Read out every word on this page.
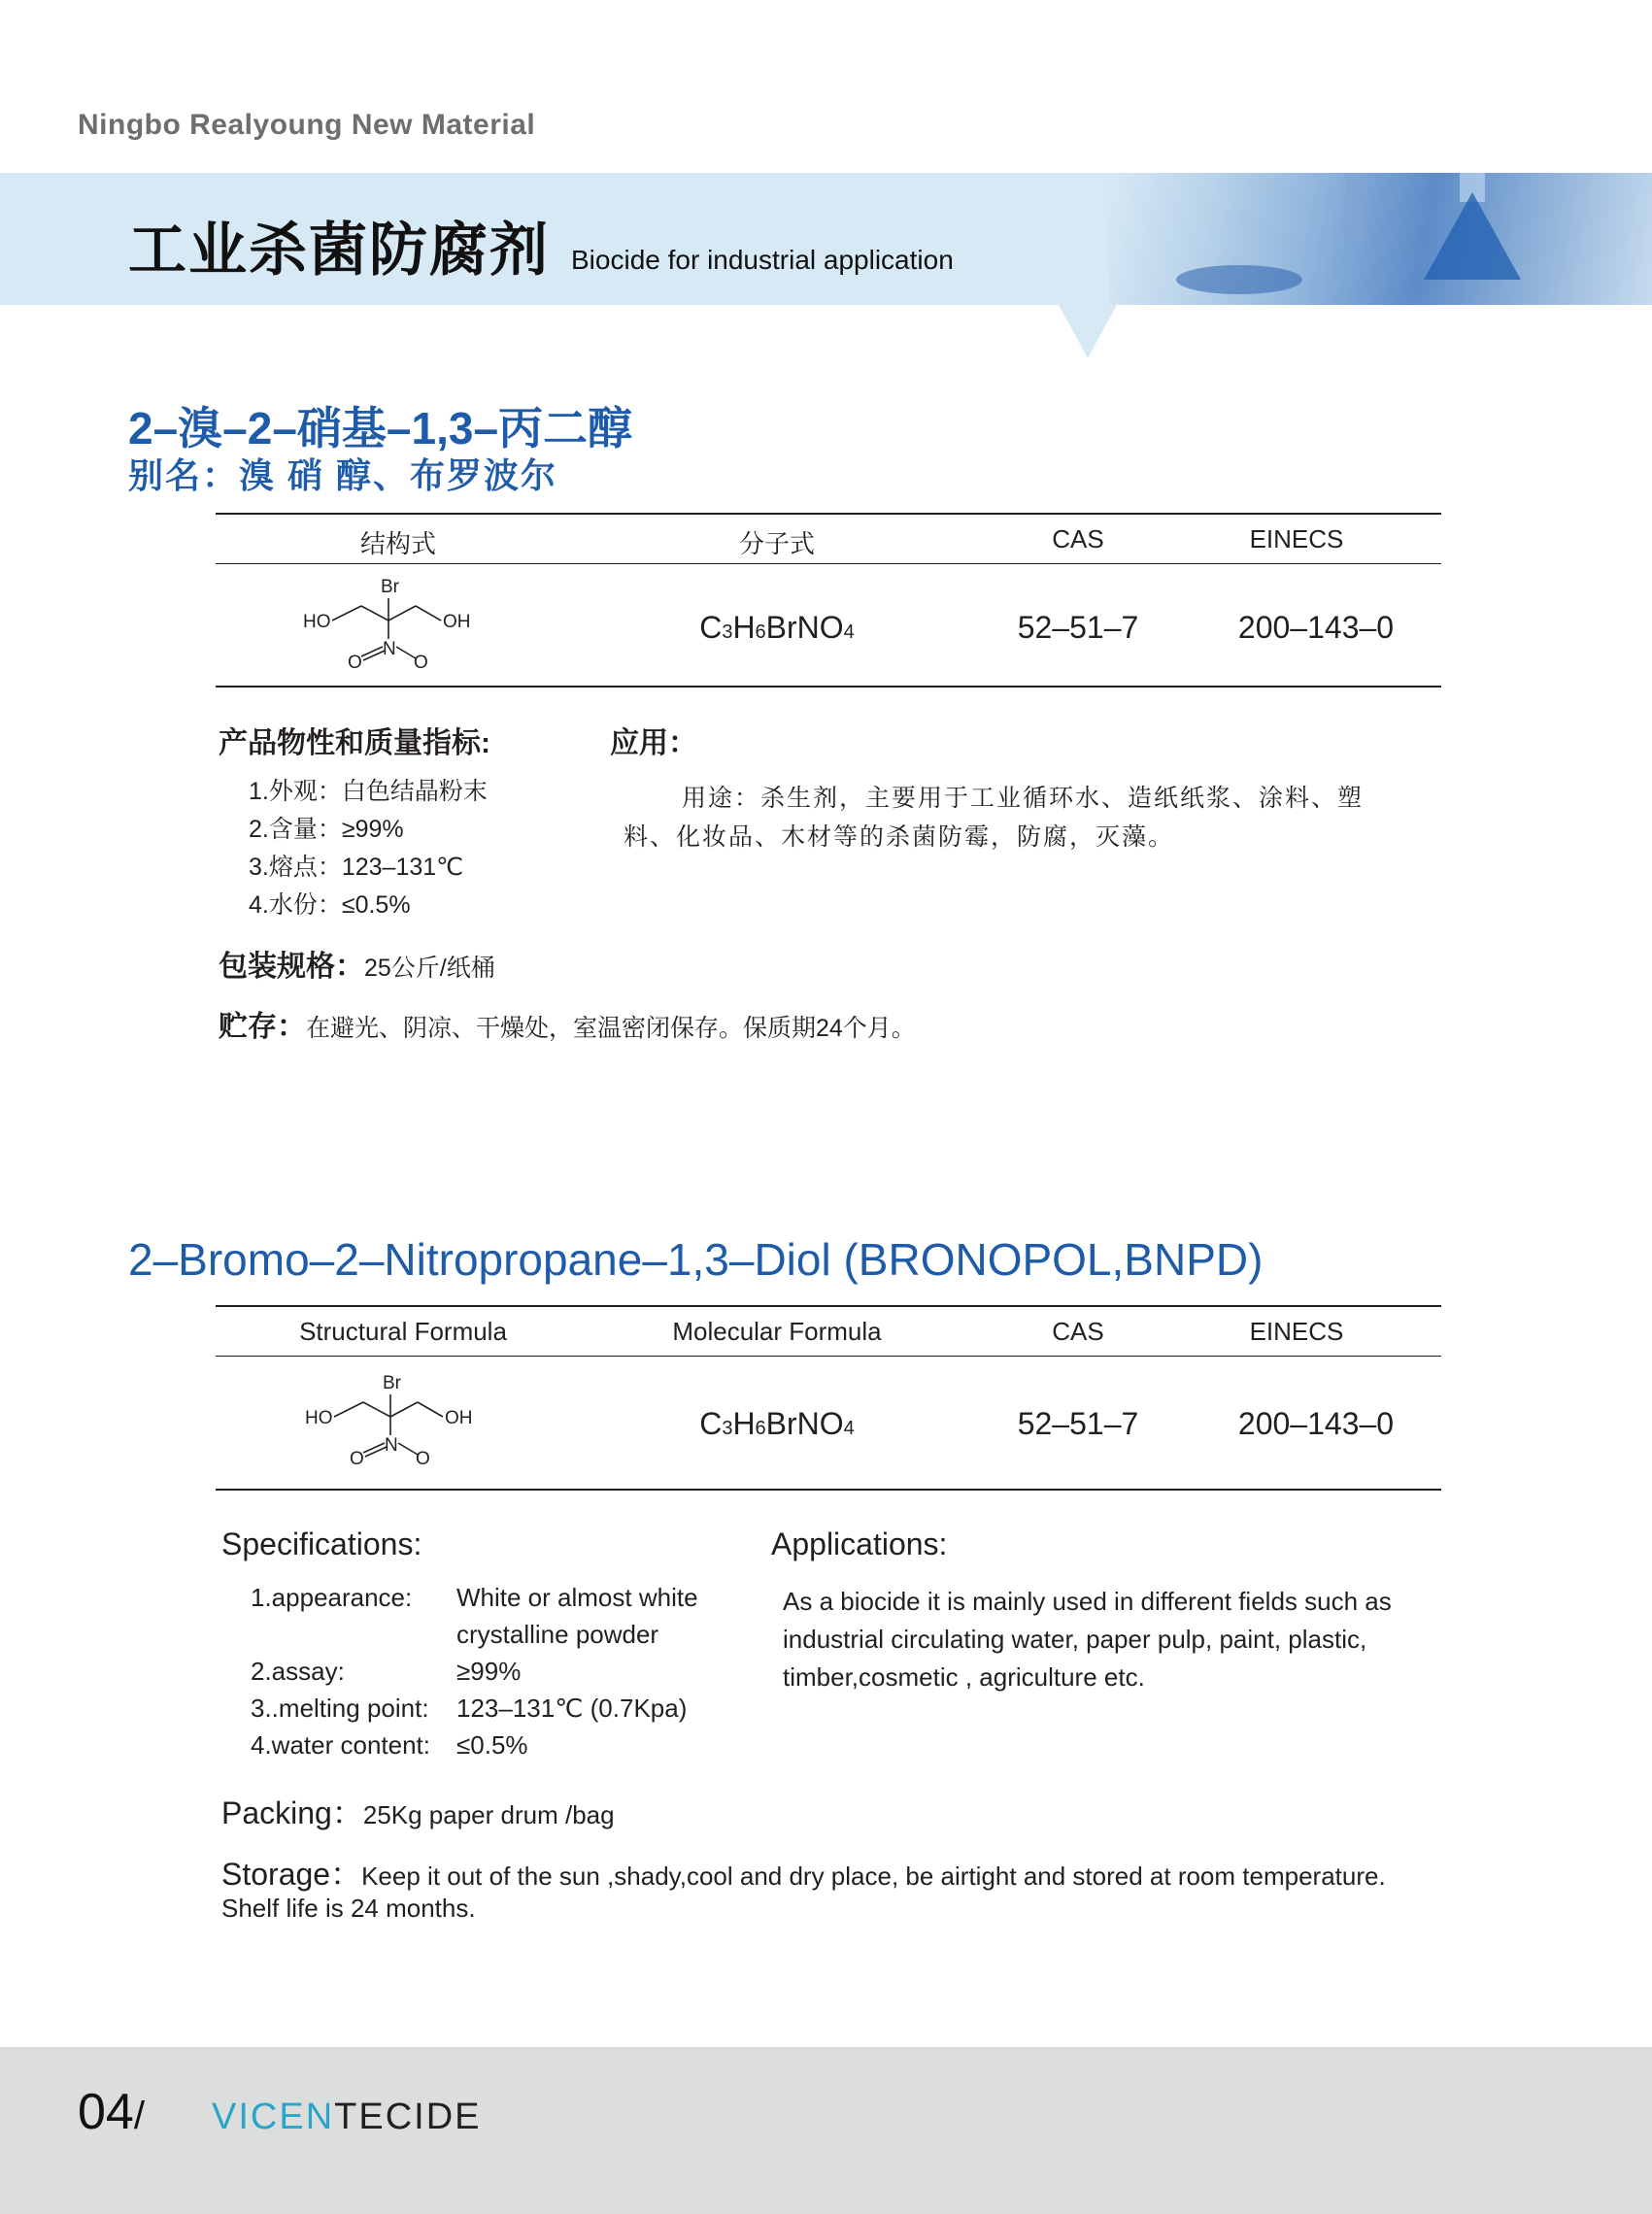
Ningbo Realyoung New Material
工业杀菌防腐剂 Biocide for industrial application
2–溴–2–硝基–1,3–丙二醇
别名：溴 硝 醇、布罗波尔
结构式	分子式	CAS	EINECS
Br
HO	OH
O
N
O
C3H6BrNO4	52–51–7	200–143–0
产品物性和质量指标:
1.外观：白色结晶粉末
2.含量：≥99%
3.熔点：123–131℃
4.水份：≤0.5%
应用：
用途：杀生剂，主要用于工业循环水、造纸纸浆、涂料、塑
料、化妆品、木材等的杀菌防霉，防腐，灭藻。
包装规格：25公斤/纸桶
贮存：在避光、阴凉、干燥处，室温密闭保存。保质期24个月。
2–Bromo–2–Nitropropane–1,3–Diol (BRONOPOL,BNPD)
Structural Formula	Molecular Formula	CAS	EINECS
Br
HO	OH
O
N
O
C3H6BrNO4	52–51–7	200–143–0
Specifications:
1.appearance: White or almost white
crystalline powder
2.assay:	≥99%
3..melting point: 123–131℃ (0.7Kpa)
4.water content: ≤0.5%
Applications:
As a biocide it is mainly used in different fields such as
industrial circulating water, paper pulp, paint, plastic,
timber,cosmetic , agriculture etc.
Packing：25Kg paper drum /bag
Storage：Keep it out of the sun ,shady,cool and dry place, be airtight and stored at room temperature.
Shelf life is 24 months.
04/ VICENTECIDE
